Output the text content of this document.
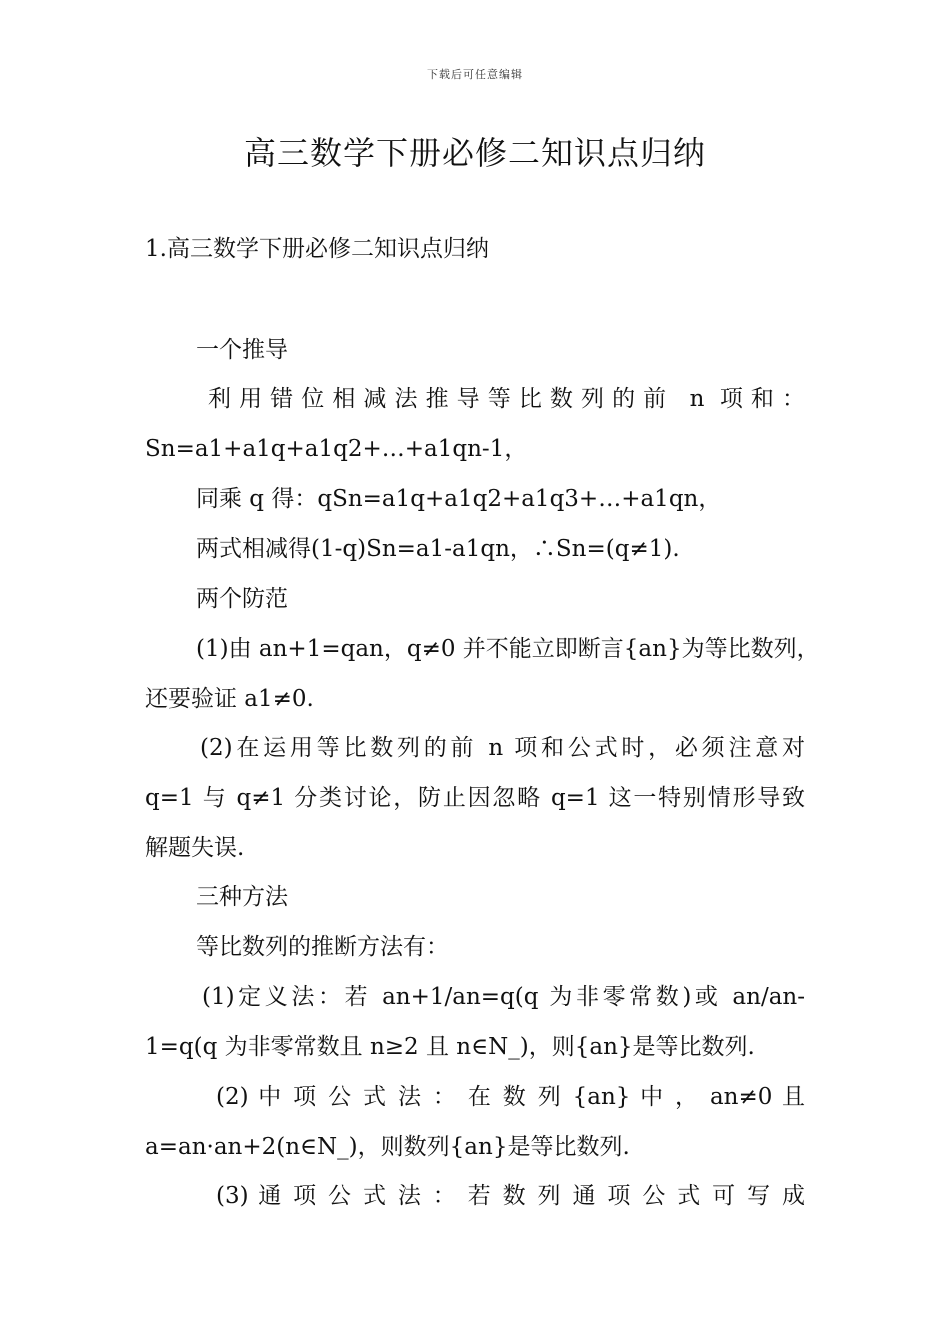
下载后可任意编辑
高三数学下册必修二知识点归纳
1.高三数学下册必修二知识点归纳
一个推导
利用错位相减法推导等比数列的前 n 项和：
Sn=a1+a1q+a1q2+…+a1qn-1，
同乘 q 得：qSn=a1q+a1q2+a1q3+…+a1qn，
两式相减得(1-q)Sn=a1-a1qn，∴Sn=(q≠1).
两个防范
(1)由 an+1=qan，q≠0 并不能立即断言{an}为等比数列，
还要验证 a1≠0.
(2)在运用等比数列的前 n 项和公式时，必须注意对
q=1 与 q≠1 分类讨论，防止因忽略 q=1 这一特别情形导致
解题失误.
三种方法
等比数列的推断方法有：
(1)定义法：若 an+1/an=q(q 为非零常数)或 an/an-
1=q(q 为非零常数且 n≥2 且 n∈N_)，则{an}是等比数列.
(2) 中 项 公 式 法 ： 在 数 列 {an} 中 ， an≠0 且
a=an·an+2(n∈N_)，则数列{an}是等比数列.
(3) 通 项 公 式 法 ： 若 数 列 通 项 公 式 可 写 成
